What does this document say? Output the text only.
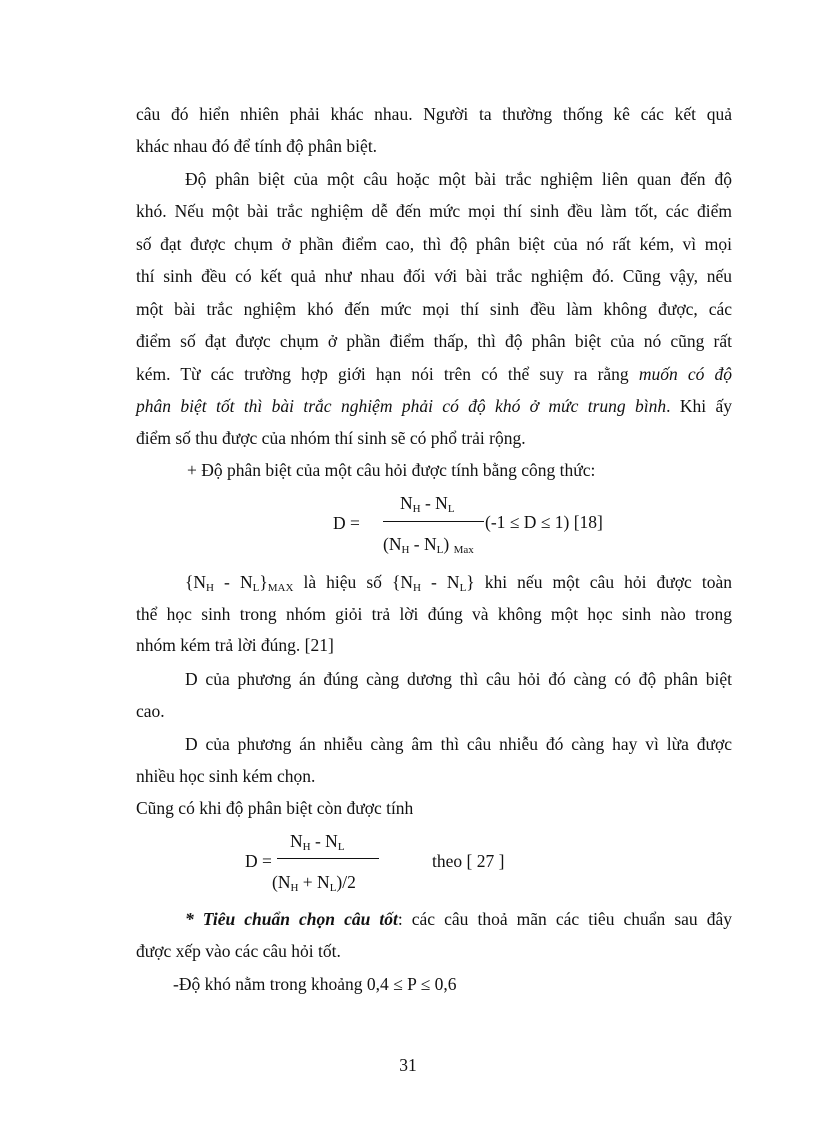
câu đó hiển nhiên phải khác nhau. Người ta thường thống kê các kết quả
khác nhau đó để tính độ phân biệt.
Độ phân biệt của một câu hoặc một bài trắc nghiệm liên quan đến độ
khó. Nếu một bài trắc nghiệm dễ đến mức mọi thí sinh đều làm tốt, các điểm
số đạt được chụm ở phần điểm cao, thì độ phân biệt của nó rất kém, vì mọi
thí sinh đều có kết quả như nhau đối với bài trắc nghiệm đó. Cũng vậy, nếu
một bài trắc nghiệm khó đến mức mọi thí sinh đều làm không được, các
điểm số đạt được chụm ở phần điểm thấp, thì độ phân biệt của nó cũng rất
kém. Từ các trường hợp giới hạn nói trên có thể suy ra rằng muốn có độ
phân biệt tốt thì bài trắc nghiệm phải có độ khó ở mức trung bình. Khi ấy
điểm số thu được của nhóm thí sinh sẽ có phổ trải rộng.
+ Độ phân biệt của một câu hỏi được tính bằng công thức:
$N_H - N_L$
D =	(-1 ≤ D ≤ 1) [18]
$(N_H - N_L)$ $_{Max}$
$\{N_H - N_L\}_{MAX}$ là hiệu số $\{N_H - N_L\}$ khi nếu một câu hỏi được toàn
thể học sinh trong nhóm giỏi trả lời đúng và không một học sinh nào trong
nhóm kém trả lời đúng. [21]
D của phương án đúng càng dương thì câu hỏi đó càng có độ phân biệt
cao.
D của phương án nhiễu càng âm thì câu nhiễu đó càng hay vì lừa được
nhiều học sinh kém chọn.
Cũng có khi độ phân biệt còn được tính
$N_H - N_L$
D =	theo [ 27 ]
$(N_H + N_L)/2$
* Tiêu chuẩn chọn câu tốt: các câu thoả mãn các tiêu chuẩn sau đây
được xếp vào các câu hỏi tốt.
-Độ khó nằm trong khoảng 0,4 ≤ P ≤ 0,6
31
